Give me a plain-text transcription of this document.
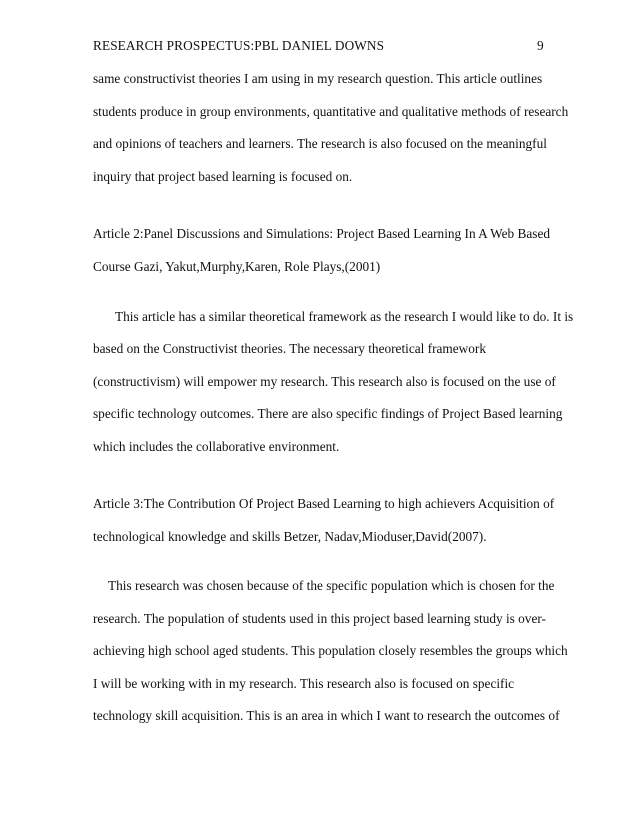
RESEARCH PROSPECTUS:PBL DANIEL DOWNS	9
same constructivist theories I am using in my research question. This article outlines
students produce in group environments, quantitative and qualitative methods of research
and opinions of teachers and learners. The research is also focused on the meaningful
inquiry that project based learning is focused on.
Article 2:Panel Discussions and Simulations: Project Based Learning In A Web Based
Course Gazi, Yakut,Murphy,Karen, Role Plays,(2001)
This article has a similar theoretical framework as the research I would like to do. It is
based on the Constructivist theories. The necessary theoretical framework
(constructivism) will empower my research. This research also is focused on the use of
specific technology outcomes. There are also specific findings of Project Based learning
which includes the collaborative environment.
Article 3:The Contribution Of Project Based Learning to high achievers Acquisition of
technological knowledge and skills Betzer, Nadav,Mioduser,David(2007).
This research was chosen because of the specific population which is chosen for the
research. The population of students used in this project based learning study is over-
achieving high school aged students. This population closely resembles the groups which
I will be working with in my research. This research also is focused on specific
technology skill acquisition. This is an area in which I want to research the outcomes of
